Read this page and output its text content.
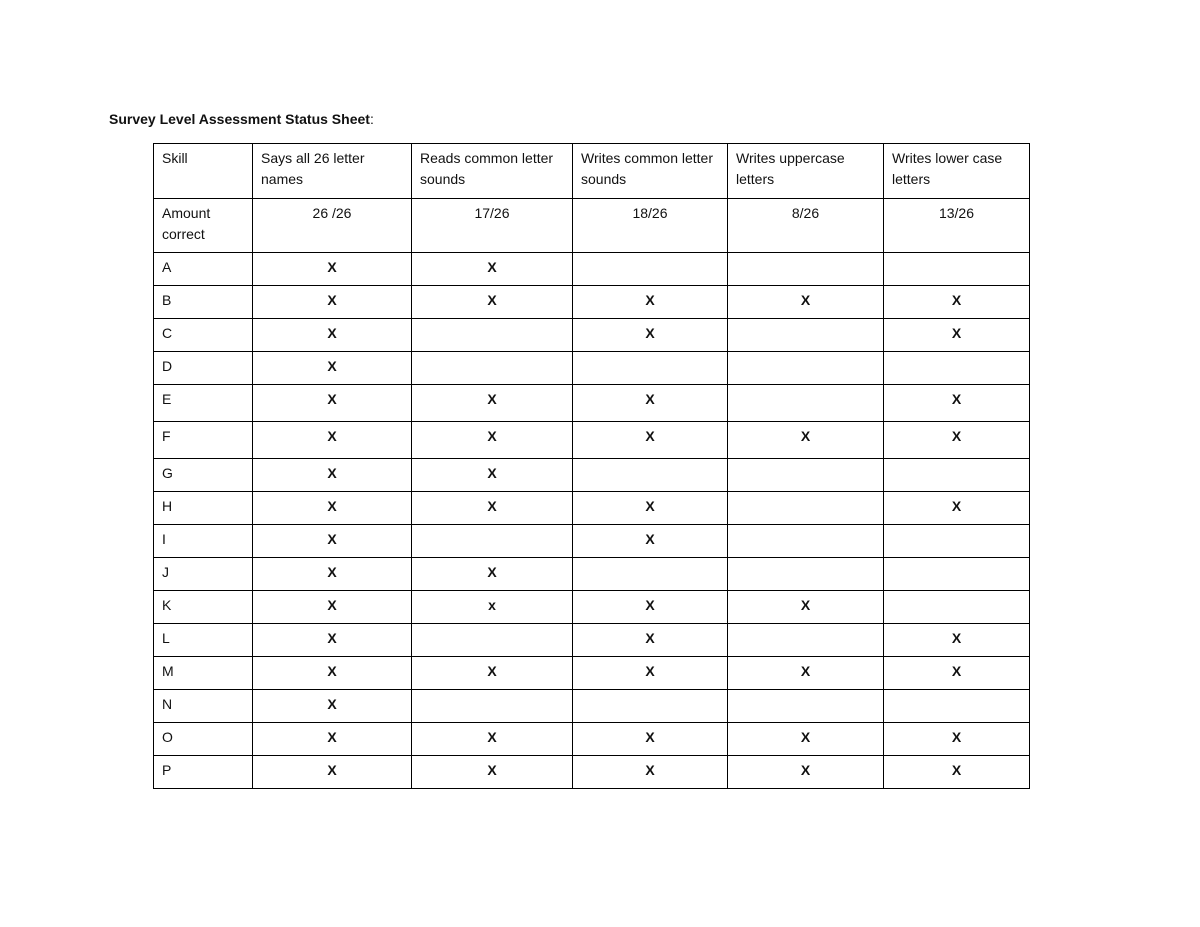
Survey Level Assessment Status Sheet:
Skill	Says all 26 letter names	Reads common letter sounds	Writes common letter sounds	Writes uppercase letters	Writes lower case letters

Amount correct	26 /26	17/26	18/26	8/26	13/26

A	X	X			

B	X	X	X	X	X

C	X		X		X

D	X				

E	X	X	X		X

F	X	X	X	X	X

G	X	X			

H	X	X	X		X

I	X		X		

J	X	X			

K	X	x	X	X	

L	X		X		X

M	X	X	X	X	X

N	X				

O	X	X	X	X	X

P	X	X	X	X	X
